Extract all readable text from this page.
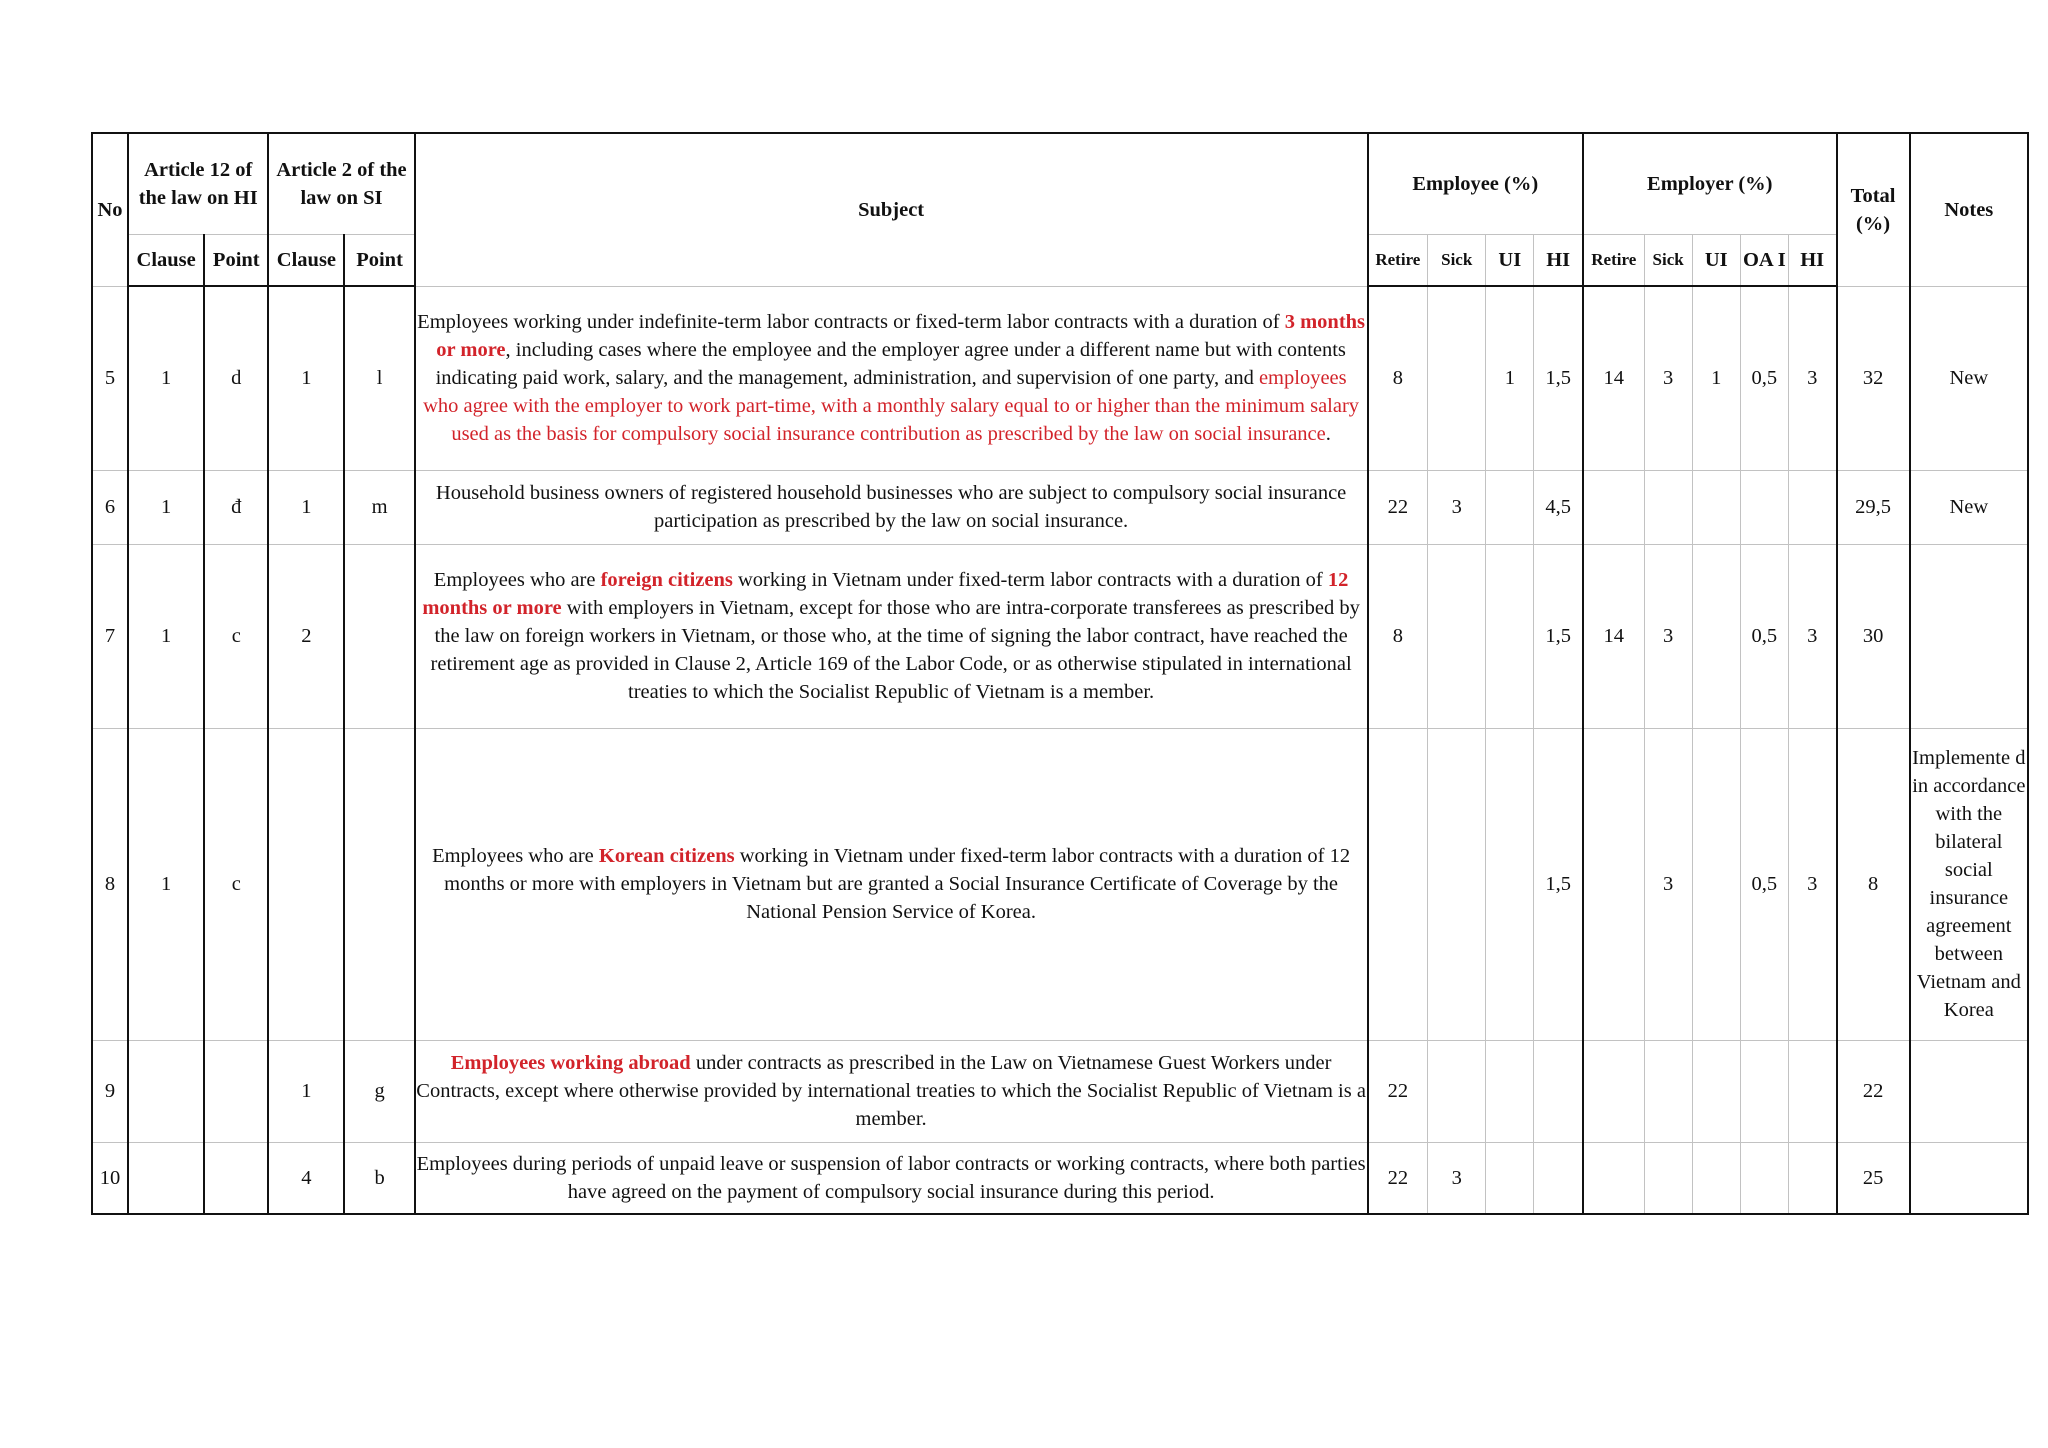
No	Article 12 of the law on HI		Article 2 of the law on SI		Subject	Employee (%)				Employer (%)					Total (%)	Notes
	Clause	Point	Clause	Point		Retire	Sick	UI	HI	Retire	Sick	UI	OA I	HI		
5	1	d	1	l	Employees working under indefinite-term labor contracts or fixed-term labor contracts with a duration of 3 months or more, including cases where the employee and the employer agree under a different name but with contents indicating paid work, salary, and the management, administration, and supervision of one party, and employees who agree with the employer to work part-time, with a monthly salary equal to or higher than the minimum salary used as the basis for compulsory social insurance contribution as prescribed by the law on social insurance.	8		1	1,5	14	3	1	0,5	3	32	New
6	1	đ	1	m	Household business owners of registered household businesses who are subject to compulsory social insurance participation as prescribed by the law on social insurance.	22	3		4,5						29,5	New
7	1	c	2		Employees who are foreign citizens working in Vietnam under fixed-term labor contracts with a duration of 12 months or more with employers in Vietnam, except for those who are intra-corporate transferees as prescribed by the law on foreign workers in Vietnam, or those who, at the time of signing the labor contract, have reached the retirement age as provided in Clause 2, Article 169 of the Labor Code, or as otherwise stipulated in international treaties to which the Socialist Republic of Vietnam is a member.	8			1,5	14	3		0,5	3	30	
8	1	c			Employees who are Korean citizens working in Vietnam under fixed-term labor contracts with a duration of 12 months or more with employers in Vietnam but are granted a Social Insurance Certificate of Coverage by the National Pension Service of Korea.				1,5		3		0,5	3	8	Implemente d in accordance with the bilateral social insurance agreement between Vietnam and Korea
9			1	g	Employees working abroad under contracts as prescribed in the Law on Vietnamese Guest Workers under Contracts, except where otherwise provided by international treaties to which the Socialist Republic of Vietnam is a member.	22									22	
10			4	b	Employees during periods of unpaid leave or suspension of labor contracts or working contracts, where both parties have agreed on the payment of compulsory social insurance during this period.	22	3								25	
